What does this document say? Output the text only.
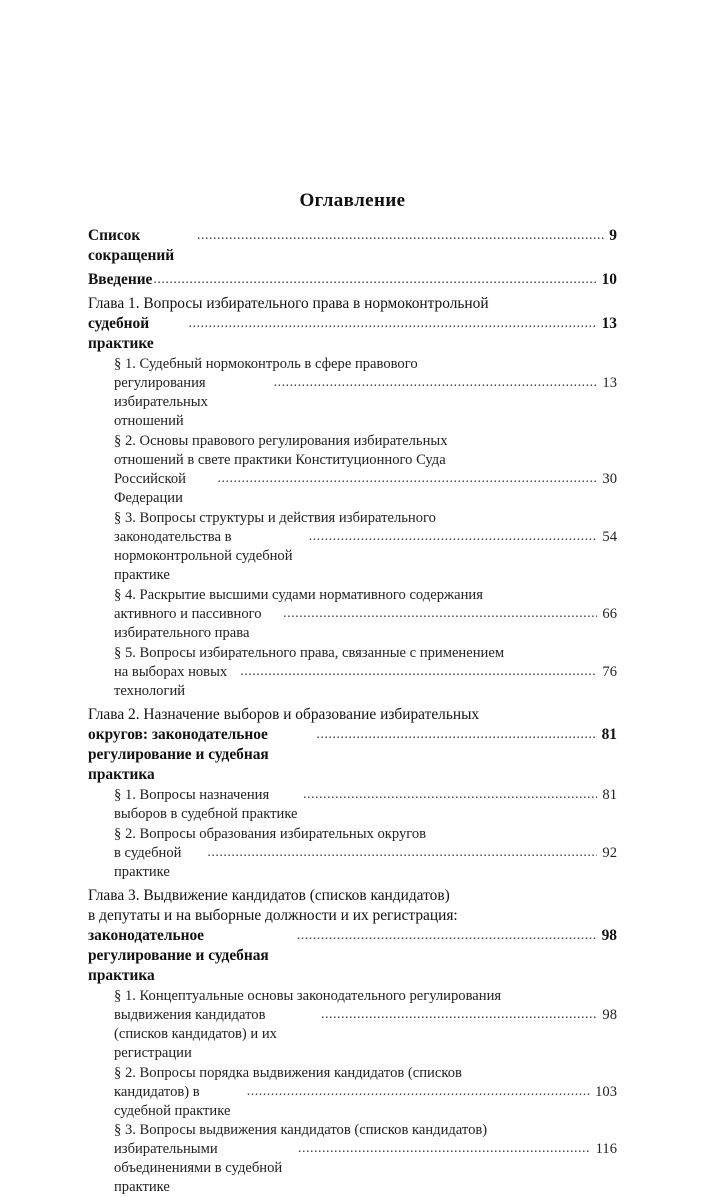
Оглавление
Список сокращений
.....
9
Введение .....	10
Глава 1. Вопросы избирательного права в нормоконтрольной
судебной практике
.....
13
§ 1. Судебный нормоконтроль в сфере правового
регулирования избирательных отношений
.....
13
§ 2. Основы правового регулирования избирательных
отношений в свете практики Конституционного Суда
Российской Федерации
.....
30
§ 3. Вопросы структуры и действия избирательного
законодательства в нормоконтрольной судебной практике
.....
54
§ 4. Раскрытие высшими судами нормативного содержания
активного и пассивного избирательного права
.....
66
§ 5. Вопросы избирательного права, связанные с применением
на выборах новых технологий
.....
76
Глава 2. Назначение выборов и образование избирательных
округов: законодательное регулирование и судебная практика
.....
81
§ 1. Вопросы назначения выборов в судебной практике
.....
81
§ 2. Вопросы образования избирательных округов
в судебной практике
.....
92
Глава 3. Выдвижение кандидатов (списков кандидатов)
в депутаты и на выборные должности и их регистрация:
законодательное регулирование и судебная практика
.....
98
§ 1. Концептуальные основы законодательного регулирования
выдвижения кандидатов (списков кандидатов) и их регистрации
.....
98
§ 2. Вопросы порядка выдвижения кандидатов (списков
кандидатов) в судебной практике
.....
103
§ 3. Вопросы выдвижения кандидатов (списков кандидатов)
избирательными объединениями в судебной практике
.....
116
